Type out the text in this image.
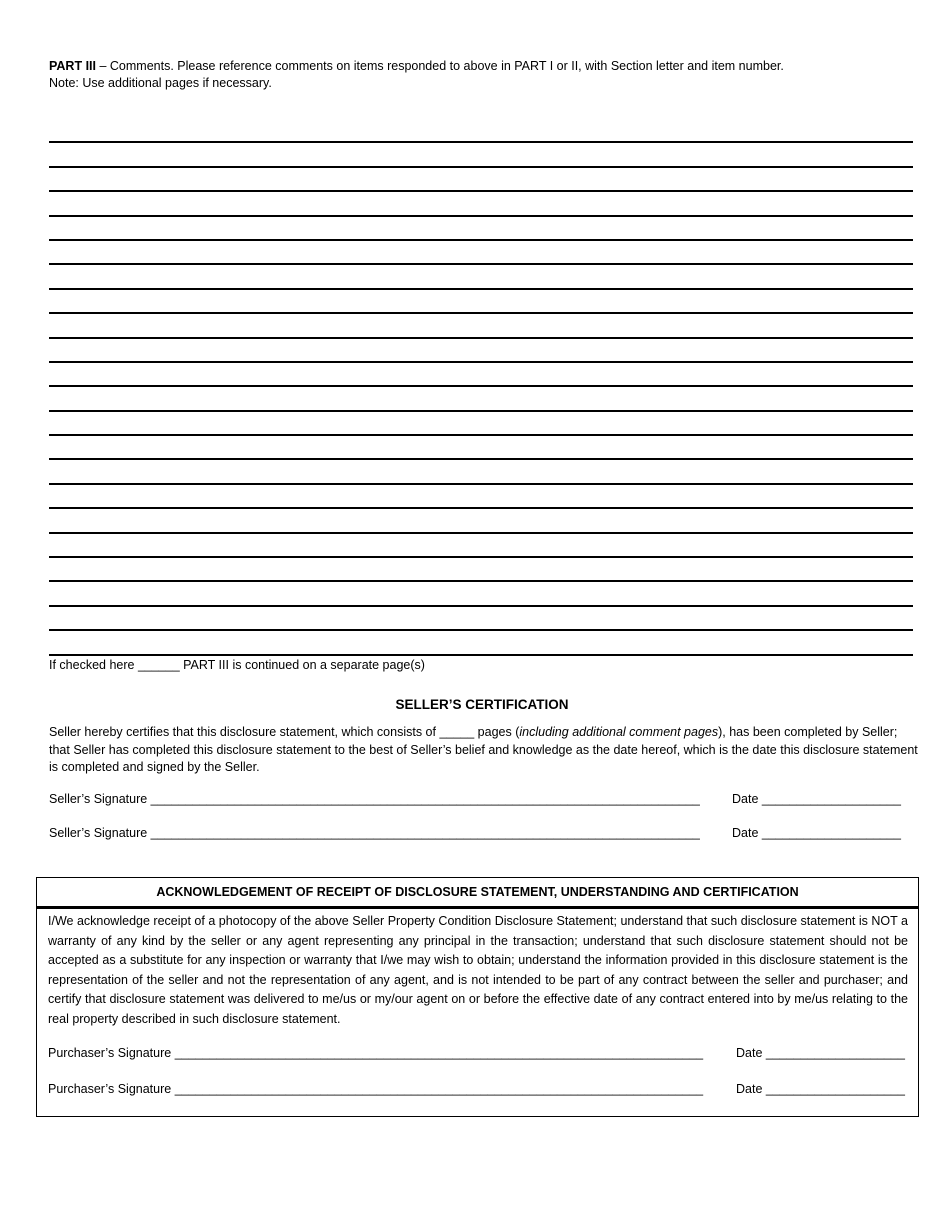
PART III – Comments. Please reference comments on items responded to above in PART I or II, with Section letter and item number.
Note: Use additional pages if necessary.
If checked here ______ PART III is continued on a separate page(s)
SELLER’S CERTIFICATION
Seller hereby certifies that this disclosure statement, which consists of _____ pages (including additional comment pages), has been completed by Seller; that Seller has completed this disclosure statement to the best of Seller’s belief and knowledge as the date hereof, which is the date this disclosure statement is completed and signed by the Seller.
Seller’s Signature _______________________________________________________________________________	Date ____________________
Seller’s Signature _______________________________________________________________________________	Date ____________________
ACKNOWLEDGEMENT OF RECEIPT OF DISCLOSURE STATEMENT, UNDERSTANDING AND CERTIFICATION
I/We acknowledge receipt of a photocopy of the above Seller Property Condition Disclosure Statement; understand that such disclosure statement is NOT a warranty of any kind by the seller or any agent representing any principal in the transaction; understand that such disclosure statement should not be accepted as a substitute for any inspection or warranty that I/we may wish to obtain; understand the information provided in this disclosure statement is the representation of the seller and not the representation of any agent, and is not intended to be part of any contract between the seller and purchaser; and certify that disclosure statement was delivered to me/us or my/our agent on or before the effective date of any contract entered into by me/us relating to the real property described in such disclosure statement.
Purchaser’s Signature ____________________________________________________________________________	Date ____________________
Purchaser’s Signature ____________________________________________________________________________	Date ____________________
